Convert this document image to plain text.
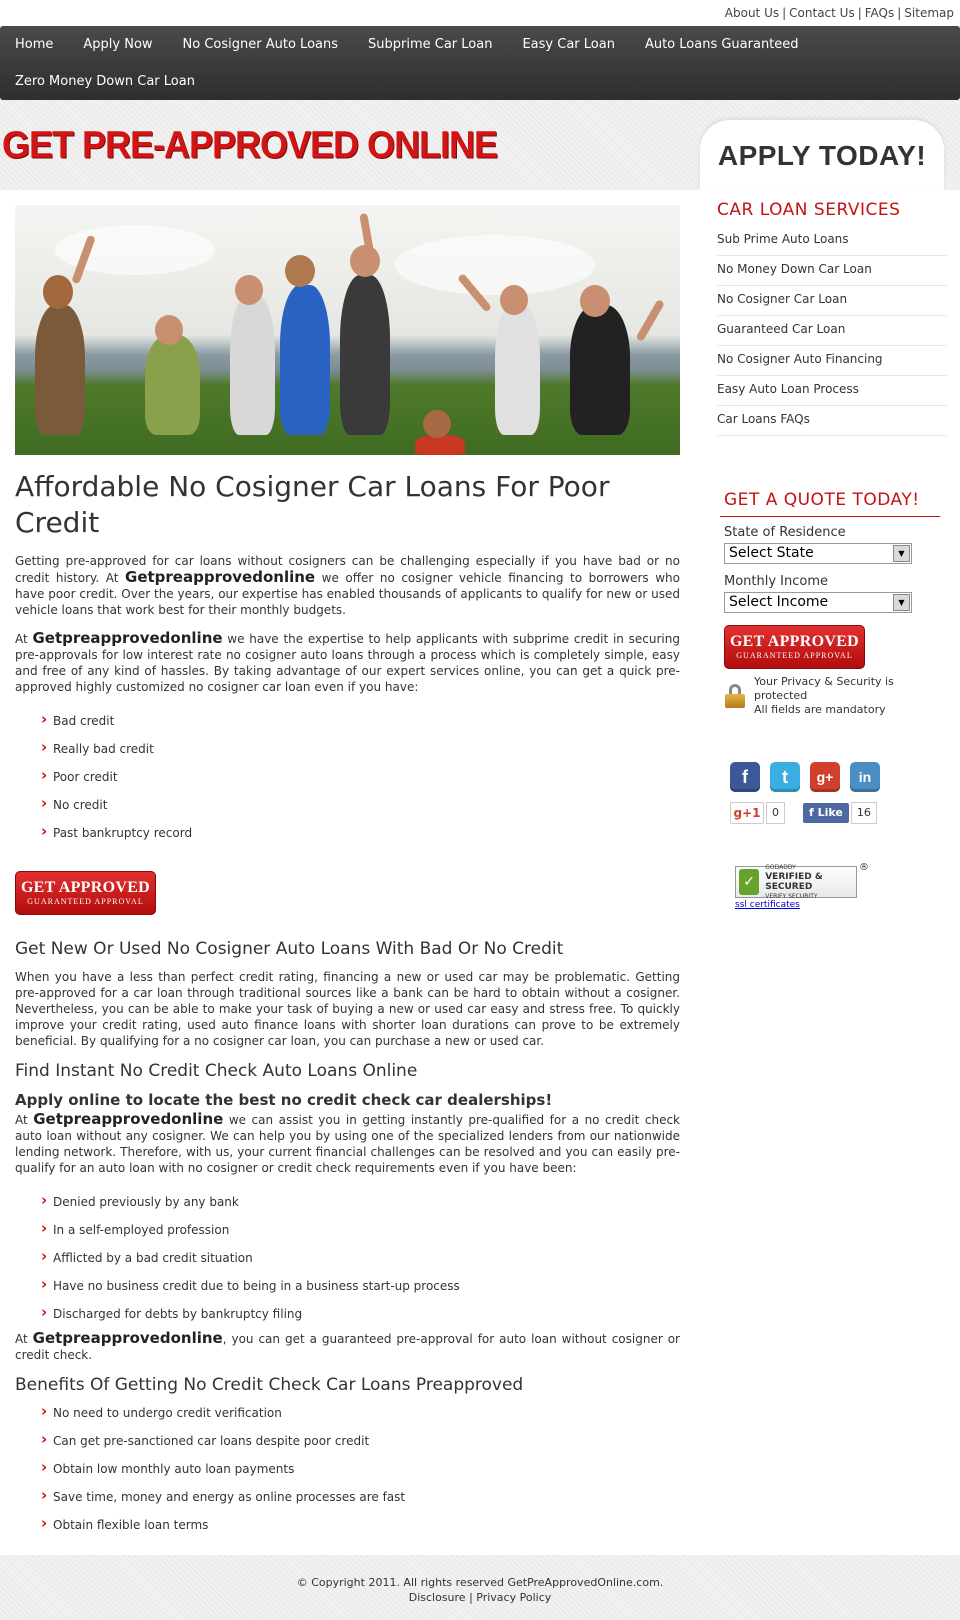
About Us | Contact Us | FAQs | Sitemap
Home	Apply Now	No Cosigner Auto Loans	Subprime Car Loan	Easy Car Loan	Auto Loans Guaranteed
Zero Money Down Car Loan
GET PRE-APPROVED ONLINE	APPLY TODAY!
Affordable No Cosigner Car Loans For Poor Credit

Getting pre-approved for car loans without cosigners can be challenging especially if you have bad or no credit history. At Getpreapprovedonline we offer no cosigner vehicle financing to borrowers who have poor credit. Over the years, our expertise has enabled thousands of applicants to qualify for new or used vehicle loans that work best for their monthly budgets.

At Getpreapprovedonline we have the expertise to help applicants with subprime credit in securing pre-approvals for low interest rate no cosigner auto loans through a process which is completely simple, easy and free of any kind of hassles. By taking advantage of our expert services online, you can get a quick pre-approved highly customized no cosigner car loan even if you have:

› Bad credit
› Really bad credit
› Poor credit
› No credit
› Past bankruptcy record
GET APPROVED
GUARANTEED APPROVAL
Get New Or Used No Cosigner Auto Loans With Bad Or No Credit

When you have a less than perfect credit rating, financing a new or used car may be problematic. Getting pre-approved for a car loan through traditional sources like a bank can be hard to obtain without a cosigner. Nevertheless, you can be able to make your task of buying a new or used car easy and stress free. To quickly improve your credit rating, used auto finance loans with shorter loan durations can prove to be extremely beneficial. By qualifying for a no cosigner car loan, you can purchase a new or used car.

Find Instant No Credit Check Auto Loans Online
Apply online to locate the best no credit check car dealerships!

At Getpreapprovedonline we can assist you in getting instantly pre-qualified for a no credit check auto loan without any cosigner. We can help you by using one of the specialized lenders from our nationwide lending network. Therefore, with us, your current financial challenges can be resolved and you can easily pre-qualify for an auto loan with no cosigner or credit check requirements even if you have been:

› Denied previously by any bank
› In a self-employed profession
› Afflicted by a bad credit situation
› Have no business credit due to being in a business start-up process
› Discharged for debts by bankruptcy filing

At Getpreapprovedonline, you can get a guaranteed pre-approval for auto loan without cosigner or credit check.

Benefits Of Getting No Credit Check Car Loans Preapproved
› No need to undergo credit verification
› Can get pre-sanctioned car loans despite poor credit
› Obtain low monthly auto loan payments
› Save time, money and energy as online processes are fast
› Obtain flexible loan terms
CAR LOAN SERVICES
Sub Prime Auto Loans
No Money Down Car Loan
No Cosigner Car Loan
Guaranteed Car Loan
No Cosigner Auto Financing
Easy Auto Loan Process
Car Loans FAQs
GET A QUOTE TODAY!
State of Residence
Select State	▼
Monthly Income
Select Income	▼
GET APPROVED
GUARANTEED APPROVAL
Your Privacy & Security is protected
All fields are mandatory
f	t	g+	in
g+1	0	f Like	16
✓
GODADDY
VERIFIED & SECURED
VERIFY SECURITY
®
ssl certificates
© Copyright 2011. All rights reserved GetPreApprovedOnline.com.
Disclosure | Privacy Policy
